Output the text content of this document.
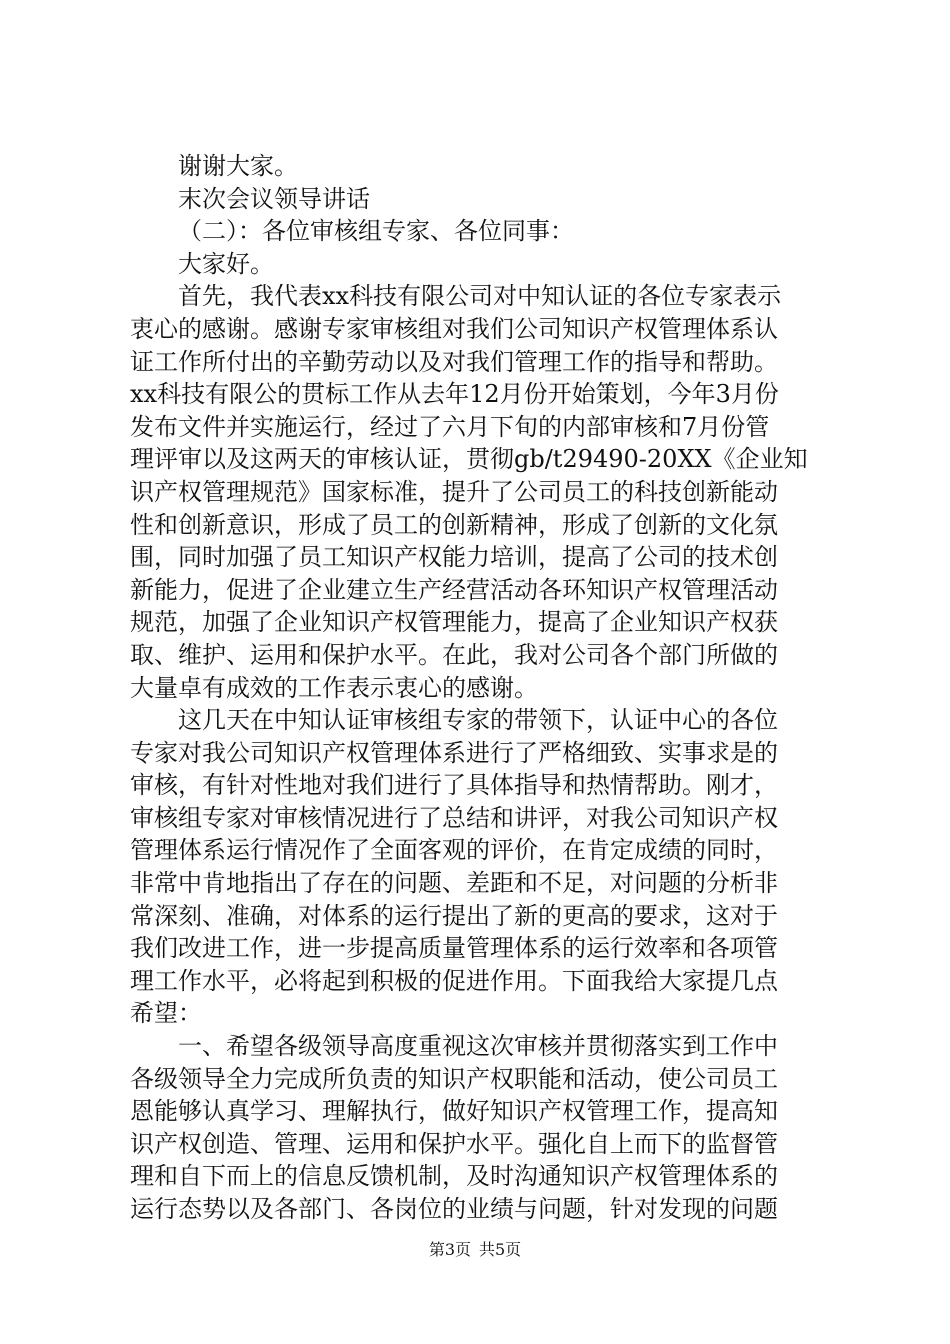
谢谢大家。
末次会议领导讲话
（二）：各位审核组专家、各位同事：
大家好。
首先，我代表xx科技有限公司对中知认证的各位专家表示
衷心的感谢。感谢专家审核组对我们公司知识产权管理体系认
证工作所付出的辛勤劳动以及对我们管理工作的指导和帮助。
xx科技有限公的贯标工作从去年12月份开始策划，今年3月份
发布文件并实施运行，经过了六月下旬的内部审核和7月份管
理评审以及这两天的审核认证，贯彻gb/t29490-20XX《企业知
识产权管理规范》国家标准，提升了公司员工的科技创新能动
性和创新意识，形成了员工的创新精神，形成了创新的文化氛
围，同时加强了员工知识产权能力培训，提高了公司的技术创
新能力，促进了企业建立生产经营活动各环知识产权管理活动
规范，加强了企业知识产权管理能力，提高了企业知识产权获
取、维护、运用和保护水平。在此，我对公司各个部门所做的
大量卓有成效的工作表示衷心的感谢。
这几天在中知认证审核组专家的带领下，认证中心的各位
专家对我公司知识产权管理体系进行了严格细致、实事求是的
审核，有针对性地对我们进行了具体指导和热情帮助。刚才，
审核组专家对审核情况进行了总结和讲评，对我公司知识产权
管理体系运行情况作了全面客观的评价，在肯定成绩的同时，
非常中肯地指出了存在的问题、差距和不足，对问题的分析非
常深刻、准确，对体系的运行提出了新的更高的要求，这对于
我们改进工作，进一步提高质量管理体系的运行效率和各项管
理工作水平，必将起到积极的促进作用。下面我给大家提几点
希望：
一、希望各级领导高度重视这次审核并贯彻落实到工作中
各级领导全力完成所负责的知识产权职能和活动，使公司员工
恩能够认真学习、理解执行，做好知识产权管理工作，提高知
识产权创造、管理、运用和保护水平。强化自上而下的监督管
理和自下而上的信息反馈机制，及时沟通知识产权管理体系的
运行态势以及各部门、各岗位的业绩与问题，针对发现的问题
第3页 共5页
